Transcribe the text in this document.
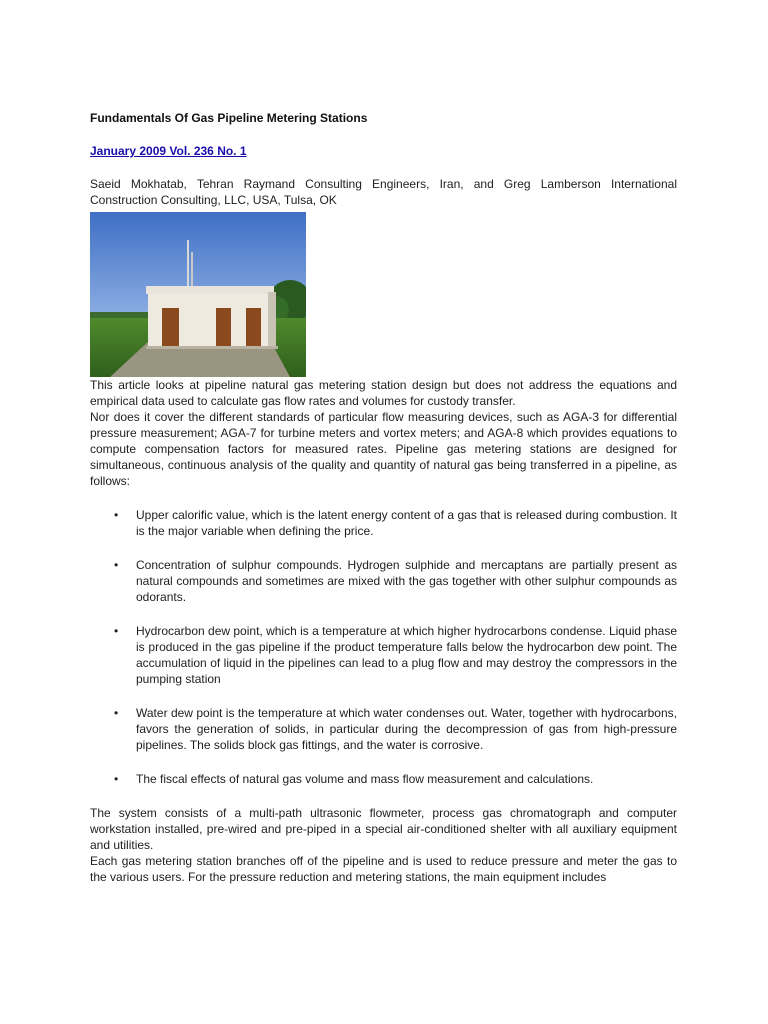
Fundamentals Of Gas Pipeline Metering Stations
January 2009 Vol. 236 No. 1

Saeid Mokhatab, Tehran Raymand Consulting Engineers, Iran, and Greg Lamberson International Construction Consulting, LLC, USA, Tulsa, OK

This article looks at pipeline natural gas metering station design but does not address the equations and empirical data used to calculate gas flow rates and volumes for custody transfer.

Nor does it cover the different standards of particular flow measuring devices, such as AGA-3 for differential pressure measurement; AGA-7 for turbine meters and vortex meters; and AGA-8 which provides equations to compute compensation factors for measured rates. Pipeline gas metering stations are designed for simultaneous, continuous analysis of the quality and quantity of natural gas being transferred in a pipeline, as follows:

• Upper calorific value, which is the latent energy content of a gas that is released during combustion. It is the major variable when defining the price.
• Concentration of sulphur compounds. Hydrogen sulphide and mercaptans are partially present as natural compounds and sometimes are mixed with the gas together with other sulphur compounds as odorants.
• Hydrocarbon dew point, which is a temperature at which higher hydrocarbons condense. Liquid phase is produced in the gas pipeline if the product temperature falls below the hydrocarbon dew point. The accumulation of liquid in the pipelines can lead to a plug flow and may destroy the compressors in the pumping station
• Water dew point is the temperature at which water condenses out. Water, together with hydrocarbons, favors the generation of solids, in particular during the decompression of gas from high-pressure pipelines. The solids block gas fittings, and the water is corrosive.
• The fiscal effects of natural gas volume and mass flow measurement and calculations.

The system consists of a multi-path ultrasonic flowmeter, process gas chromatograph and computer workstation installed, pre-wired and pre-piped in a special air-conditioned shelter with all auxiliary equipment and utilities.

Each gas metering station branches off of the pipeline and is used to reduce pressure and meter the gas to the various users. For the pressure reduction and metering stations, the main equipment includes
